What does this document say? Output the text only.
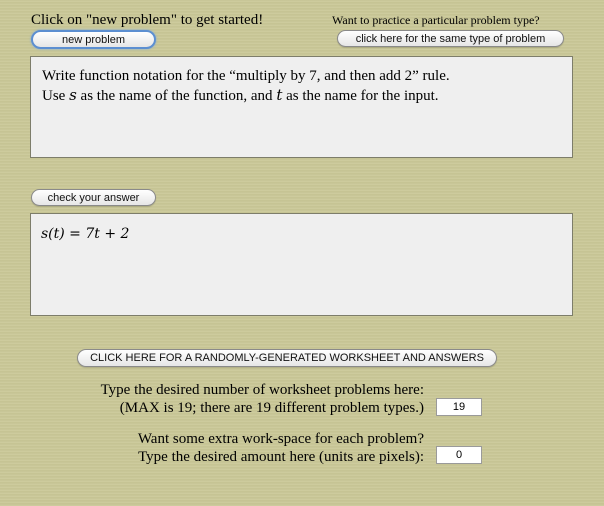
Click on "new problem" to get started!	Want to practice a particular problem type?
new problem	click here for the same type of problem
Write function notation for the “multiply by 7, and then add 2” rule.
Use s as the name of the function, and t as the name for the input.
check your answer
s(t) = 7t + 2
CLICK HERE FOR A RANDOMLY-GENERATED WORKSHEET AND ANSWERS
Type the desired number of worksheet problems here:
(MAX is 19; there are 19 different problem types.)	19
Want some extra work-space for each problem?
Type the desired amount here (units are pixels):	0
